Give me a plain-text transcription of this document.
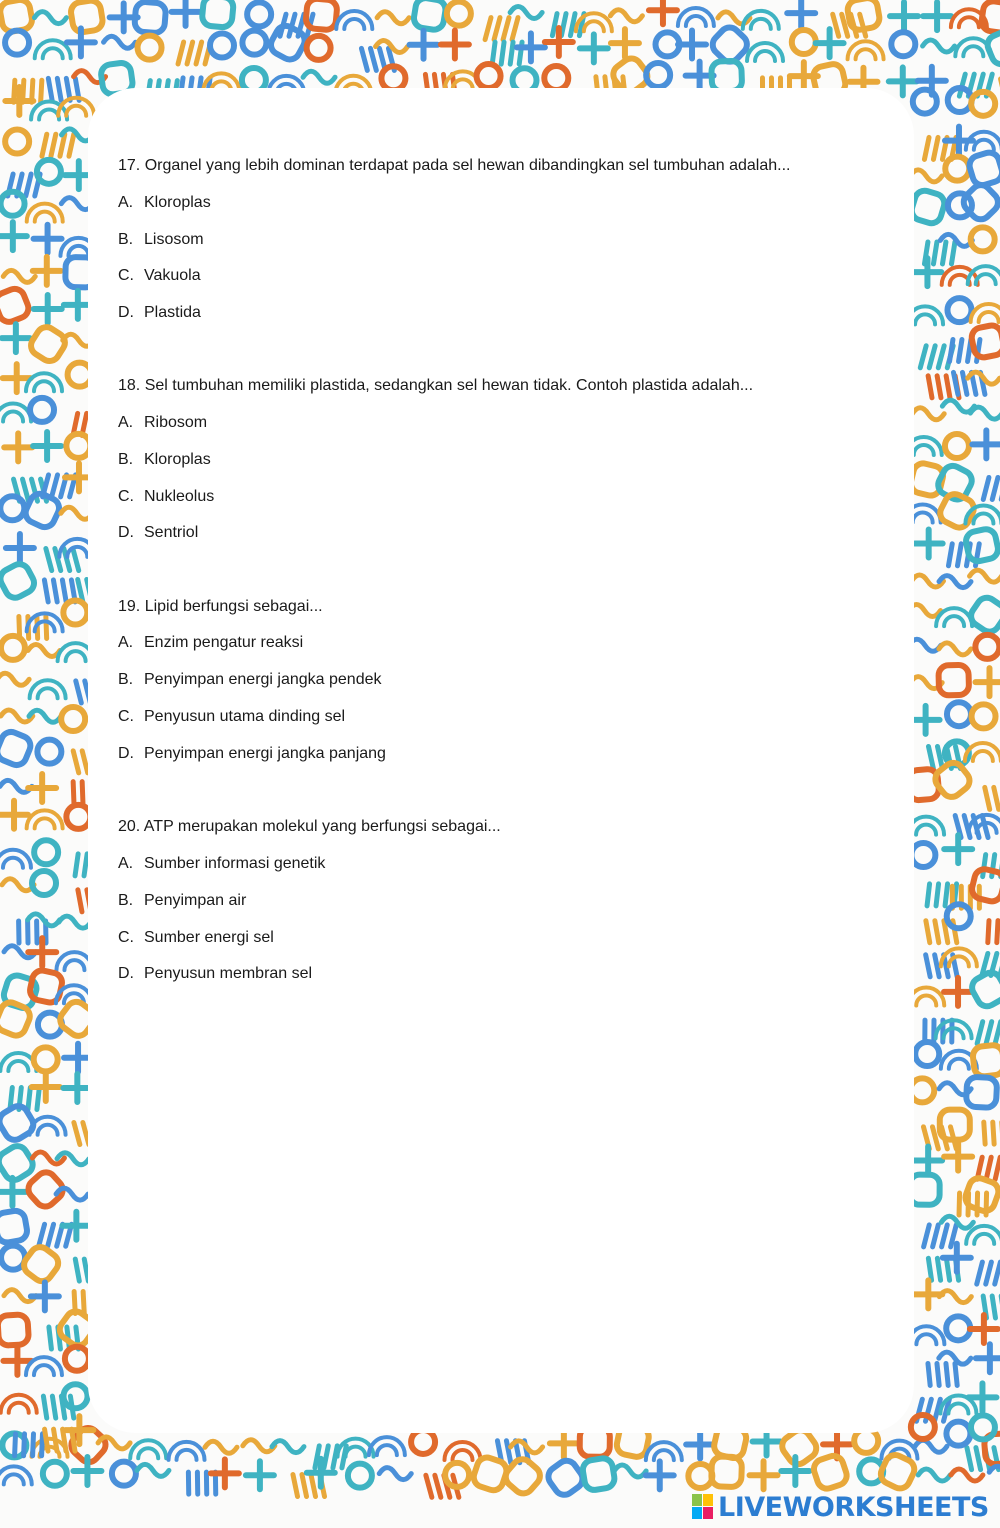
17. Organel yang lebih dominan terdapat pada sel hewan dibandingkan sel tumbuhan adalah...
A. Kloroplas
B. Lisosom
C. Vakuola
D. Plastida
18. Sel tumbuhan memiliki plastida, sedangkan sel hewan tidak. Contoh plastida adalah...
A. Ribosom
B. Kloroplas
C. Nukleolus
D. Sentriol
19. Lipid berfungsi sebagai...
A. Enzim pengatur reaksi
B. Penyimpan energi jangka pendek
C. Penyusun utama dinding sel
D. Penyimpan energi jangka panjang
20. ATP merupakan molekul yang berfungsi sebagai...
A. Sumber informasi genetik
B. Penyimpan air
C. Sumber energi sel
D. Penyusun membran sel
LIVEWORKSHEETS
